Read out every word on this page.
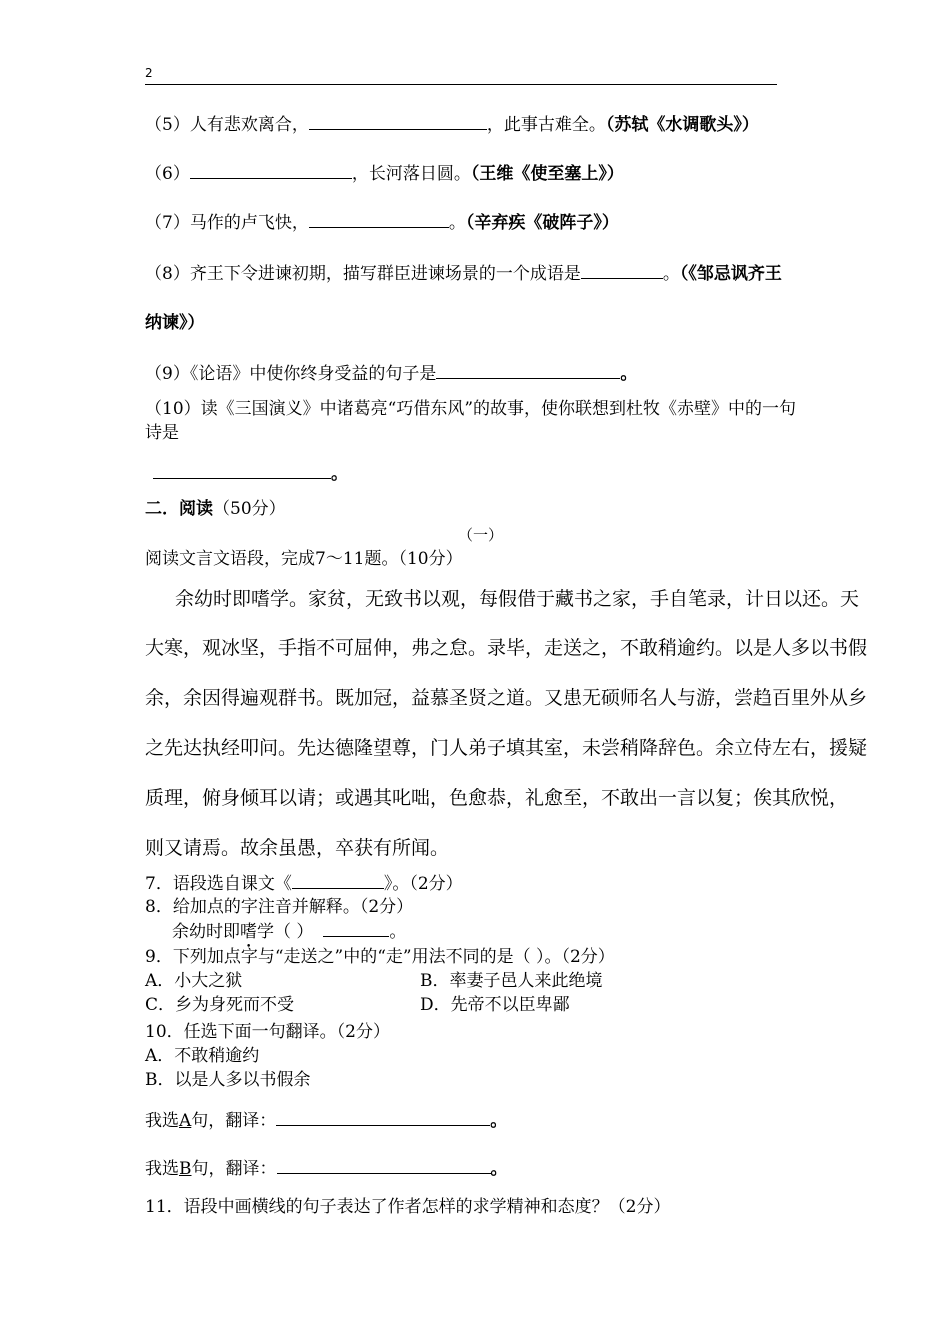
2
（5）人有悲欢离合，	，此事古难全。（苏轼《水调歌头》）
（6）	，长河落日圆。（王维《使至塞上》）
（7）马作的卢飞快，	。（辛弃疾《破阵子》）
（8）齐王下令进谏初期，描写群臣进谏场景的一个成语是	。（《邹忌讽齐王
纳谏》）
（9）《论语》中使你终身受益的句子是	。
（10）读《三国演义》中诸葛亮“巧借东风”的故事，使你联想到杜牧《赤壁》中的一句
诗是
。
二．阅读（50分）
（一）
阅读文言文语段，完成7～11题。（10分）
余幼时即嗜学。家贫，无致书以观，每假借于藏书之家，手自笔录，计日以还。天
大寒，观冰坚，手指不可屈伸，弗之怠。录毕，走送之，不敢稍逾约。以是人多以书假
余，余因得遍观群书。既加冠，益慕圣贤之道。又患无硕师名人与游，尝趋百里外从乡
之先达执经叩问。先达德隆望尊，门人弟子填其室，未尝稍降辞色。余立侍左右，援疑
质理，俯身倾耳以请；或遇其叱咄，色愈恭，礼愈至，不敢出一言以复；俟其欣悦，
则又请焉。故余虽愚，卒获有所闻。
7．语段选自课文《	》。（2分）
8．给加点的字注音并解释。（2分）
余幼时即嗜学（ ）	。
9．下列加点字与“走送之”中的“走”用法不同的是（ ）。（2分）
A．小大之狱	B．率妻子邑人来此绝境
C．乡为身死而不受	D．先帝不以臣卑鄙
10．任选下面一句翻译。（2分）
A．不敢稍逾约
B．以是人多以书假余
我选A句，翻译：	。
我选B句，翻译：	。
11．语段中画横线的句子表达了作者怎样的求学精神和态度？（2分）
